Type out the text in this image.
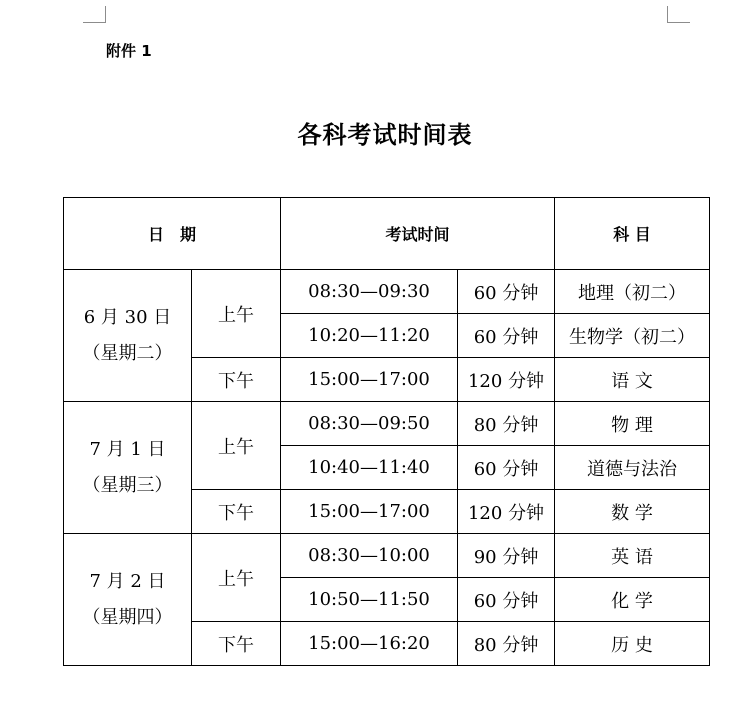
附件 1
各科考试时间表
日　期		考试时间		科 目

6 月 30 日
（星期二）	上午	08:30—09:30	60 分钟	地理（初二）
		10:20—11:20	60 分钟	生物学（初二）
	下午	15:00—17:00	120 分钟	语 文

7 月 1 日
（星期三）	上午	08:30—09:50	80 分钟	物 理
		10:40—11:40	60 分钟	道德与法治
	下午	15:00—17:00	120 分钟	数 学

7 月 2 日
（星期四）	上午	08:30—10:00	90 分钟	英 语
		10:50—11:50	60 分钟	化 学
	下午	15:00—16:20	80 分钟	历 史
